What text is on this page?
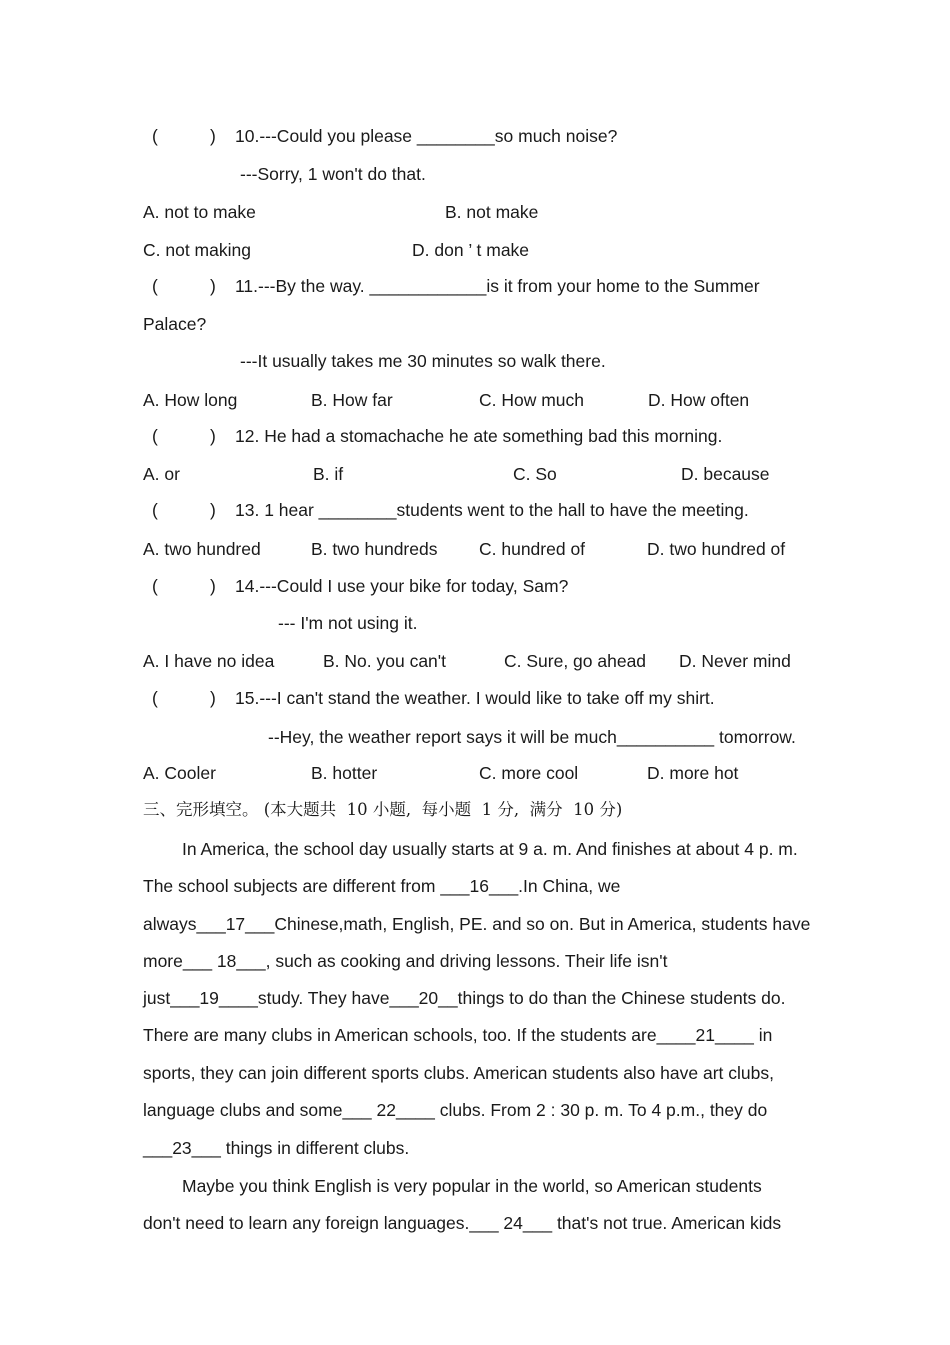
(	) 10.---Could you please ________so much noise?
---Sorry, 1 won't do that.
A. not to make	B. not make
C. not making	D. don ’ t make
(	) 11.---By the way. ____________is it from your home to the Summer
Palace?
---It usually takes me 30 minutes so walk there.
A. How long	B. How far	C. How much	D. How often
(	) 12. He had a stomachache he ate something bad this morning.
A. or	B. if	C. So	D. because
(	) 13. 1 hear ________students went to the hall to have the meeting.
A. two hundred	B. two hundreds C. hundred of	D. two hundred of
(	) 14.---Could I use your bike for today, Sam?
--- I'm not using it.
A. I have no idea	B. No. you can't	C. Sure, go ahead D. Never mind
(	) 15.---I can't stand the weather. I would like to take off my shirt.
--Hey, the weather report says it will be much__________ tomorrow.
A. Cooler	B. hotter	C. more cool	D. more hot
三、完形填空。 (本大题共  10 小题,  每小题  1 分,  满分  10 分)
In America, the school day usually starts at 9 a. m. And finishes at about 4 p. m.
The school subjects are different from ___16___.In China, we
always___17___Chinese,math, English, PE. and so on. But in America, students have
more___ 18___, such as cooking and driving lessons. Their life isn't
just___19____study. They have___20__things to do than the Chinese students do.
There are many clubs in American schools, too. If the students are____21____ in
sports, they can join different sports clubs. American students also have art clubs,
language clubs and some___ 22____ clubs. From 2 : 30 p. m. To 4 p.m., they do
___23___ things in different clubs.
Maybe you think English is very popular in the world, so American students
don't need to learn any foreign languages.___ 24___ that's not true. American kids
